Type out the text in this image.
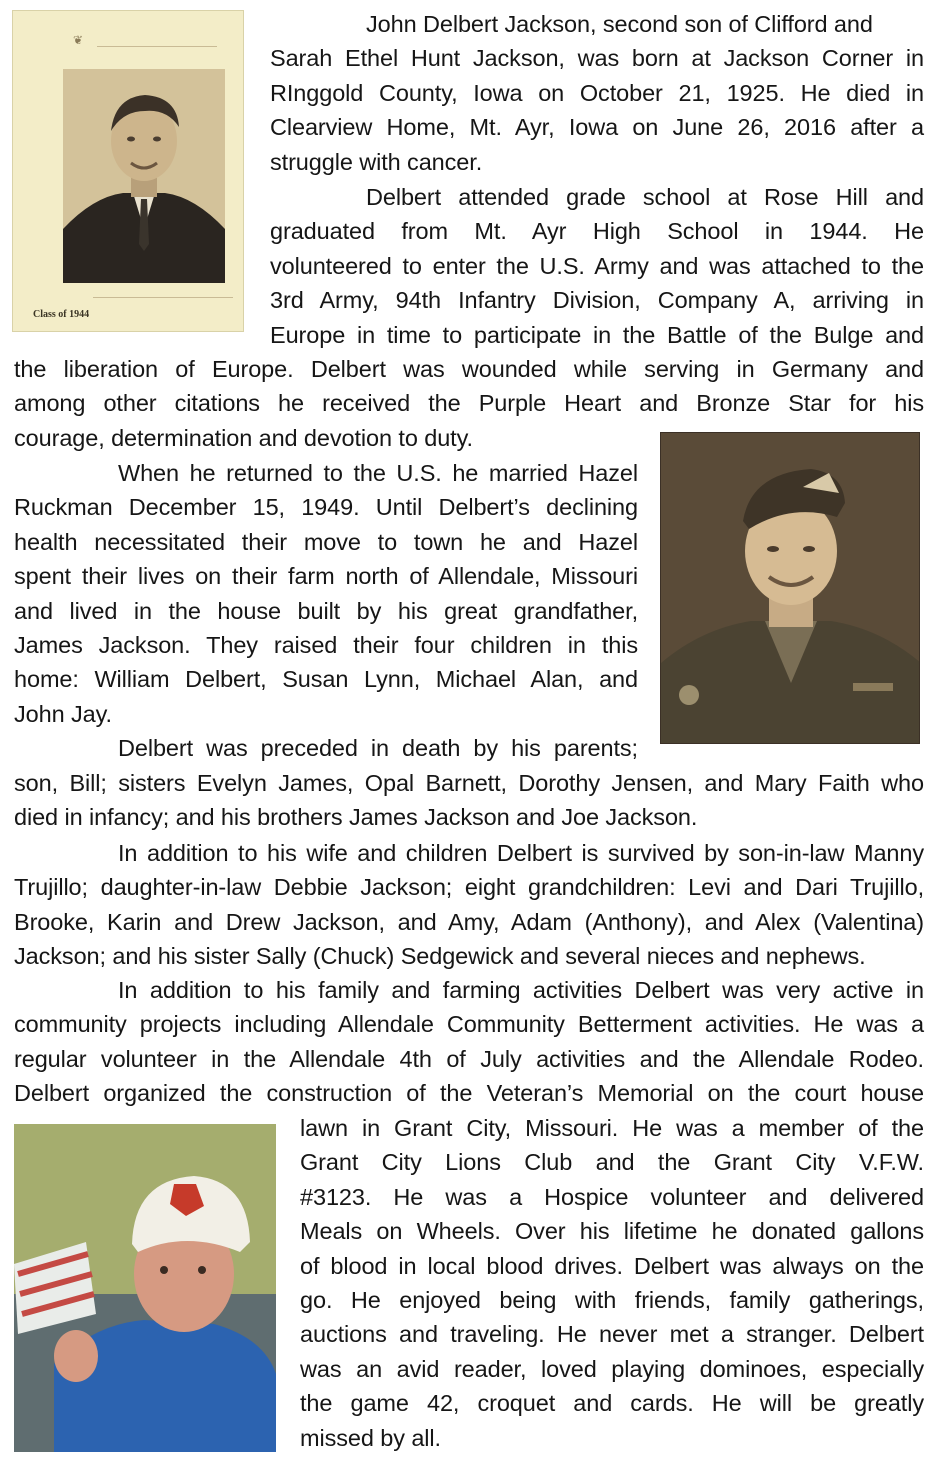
❦
Class of 1944
John Delbert Jackson, second son of Clifford and
Sarah Ethel Hunt Jackson, was born at Jackson Corner in
RInggold County, Iowa on October 21, 1925. He died in
Clearview Home, Mt. Ayr, Iowa on June 26, 2016 after a
struggle with cancer.
Delbert attended grade school at Rose Hill and
graduated from Mt. Ayr High School in 1944. He
volunteered to enter the U.S. Army and was attached to the
3rd Army, 94th Infantry Division, Company A, arriving in
Europe in time to participate in the Battle of the Bulge and
the liberation of Europe. Delbert was wounded while serving in Germany and
among other citations he received the Purple Heart and Bronze Star for his
courage, determination and devotion to duty.
When he returned to the U.S. he married Hazel
Ruckman December 15, 1949. Until Delbert’s declining
health necessitated their move to town he and Hazel
spent their lives on their farm north of Allendale, Missouri
and lived in the house built by his great grandfather,
James Jackson. They raised their four children in this
home: William Delbert, Susan Lynn, Michael Alan, and
John Jay.
Delbert was preceded in death by his parents;
son, Bill; sisters Evelyn James, Opal Barnett, Dorothy Jensen, and Mary Faith who
died in infancy; and his brothers James Jackson and Joe Jackson.
In addition to his wife and children Delbert is survived by son-in-law Manny
Trujillo; daughter-in-law Debbie Jackson; eight grandchildren: Levi and Dari Trujillo,
Brooke, Karin and Drew Jackson, and Amy, Adam (Anthony), and Alex (Valentina)
Jackson; and his sister Sally (Chuck) Sedgewick and several nieces and nephews.
In addition to his family and farming activities Delbert was very active in
community projects including Allendale Community Betterment activities. He was a
regular volunteer in the Allendale 4th of July activities and the Allendale Rodeo.
Delbert organized the construction of the Veteran’s Memorial on the court house
lawn in Grant City, Missouri. He was a member of the
Grant City Lions Club and the Grant City V.F.W.
#3123. He was a Hospice volunteer and delivered
Meals on Wheels. Over his lifetime he donated gallons
of blood in local blood drives. Delbert was always on the
go. He enjoyed being with friends, family gatherings,
auctions and traveling. He never met a stranger. Delbert
was an avid reader, loved playing dominoes, especially
the game 42, croquet and cards. He will be greatly
missed by all.
